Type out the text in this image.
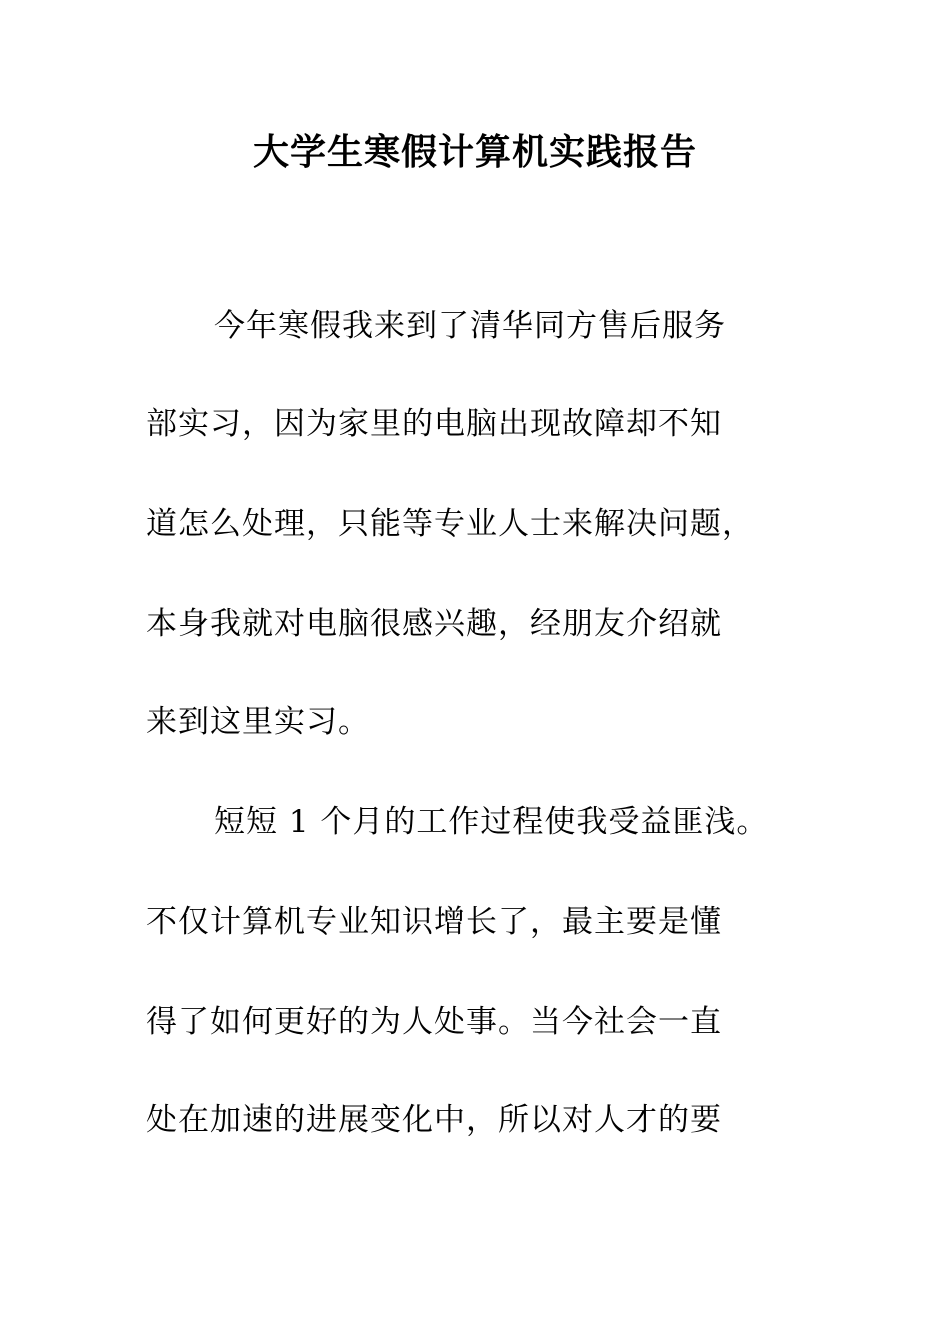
大学生寒假计算机实践报告

今年寒假我来到了清华同方售后服务

部实习，因为家里的电脑出现故障却不知

道怎么处理，只能等专业人士来解决问题，

本身我就对电脑很感兴趣，经朋友介绍就

来到这里实习。

短短 1 个月的工作过程使我受益匪浅。

不仅计算机专业知识增长了，最主要是懂

得了如何更好的为人处事。当今社会一直

处在加速的进展变化中，所以对人才的要
